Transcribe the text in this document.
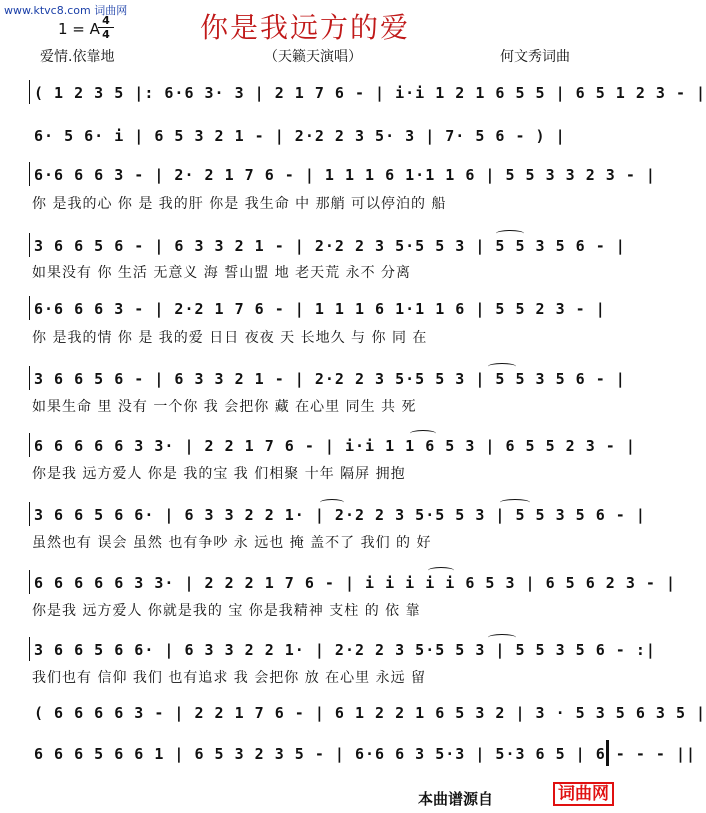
www.ktvc8.com 词曲网
1 = A 4
4	你是我远方的爱
爱情.依靠地	（天籁天演唱）	何文秀词曲
( 1 2 3 5 |: 6·6 3· 3 | 2 1 7 6 - | i·i 1 2 1 6 5 5 | 6 5 1 2 3 - |
6· 5 6· i | 6 5 3 2 1 - | 2·2 2 3 5· 3 | 7· 5 6 - ) |
6·6 6 6 3 - | 2· 2 1 7 6 - | 1 1 1 6 1·1 1 6 | 5 5 3 3 2 3 - |
你 是我的心 你 是 我的肝 你是 我生命 中 那艄 可以停泊的 船
3 6 6 5 6 - | 6 3 3 2 1 - | 2·2 2 3 5·5 5 3 | 5 5 3 5 6 - |
如果没有 你 生活 无意义 海 誓山盟 地 老天荒 永不 分离
6·6 6 6 3 - | 2·2 1 7 6 - | 1 1 1 6 1·1 1 6 | 5 5 2 3 - |
你 是我的情 你 是 我的爱 日日 夜夜 天 长地久 与 你 同 在
3 6 6 5 6 - | 6 3 3 2 1 - | 2·2 2 3 5·5 5 3 | 5 5 3 5 6 - |
如果生命 里 没有 一个你 我 会把你 藏 在心里 同生 共 死
6 6 6 6 6 3 3· | 2 2 1 7 6 - | i·i 1 1 6 5 3 | 6 5 5 2 3 - |
你是我 远方爱人 你是 我的宝 我 们相聚 十年 隔屏 拥抱
3 6 6 5 6 6· | 6 3 3 2 2 1· | 2·2 2 3 5·5 5 3 | 5 5 3 5 6 - |
虽然也有 误会 虽然 也有争吵 永 远也 掩 盖不了 我们 的 好
6 6 6 6 6 3 3· | 2 2 2 1 7 6 - | i i i i i 6 5 3 | 6 5 6 2 3 - |
你是我 远方爱人 你就是我的 宝 你是我精神 支柱 的 依 靠
3 6 6 5 6 6· | 6 3 3 2 2 1· | 2·2 2 3 5·5 5 3 | 5 5 3 5 6 - :|
我们也有 信仰 我们 也有追求 我 会把你 放 在心里 永远 留
( 6 6 6 6 3 - | 2 2 1 7 6 - | 6 1 2 2 1 6 5 3 2 | 3 · 5 3 5 6 3 5 |
6 6 6 5 6 6 1 | 6 5 3 2 3 5 - | 6·6 6 3 5·3 | 5·3 6 5 | 6 - - - ||
本曲谱源自	词曲网
